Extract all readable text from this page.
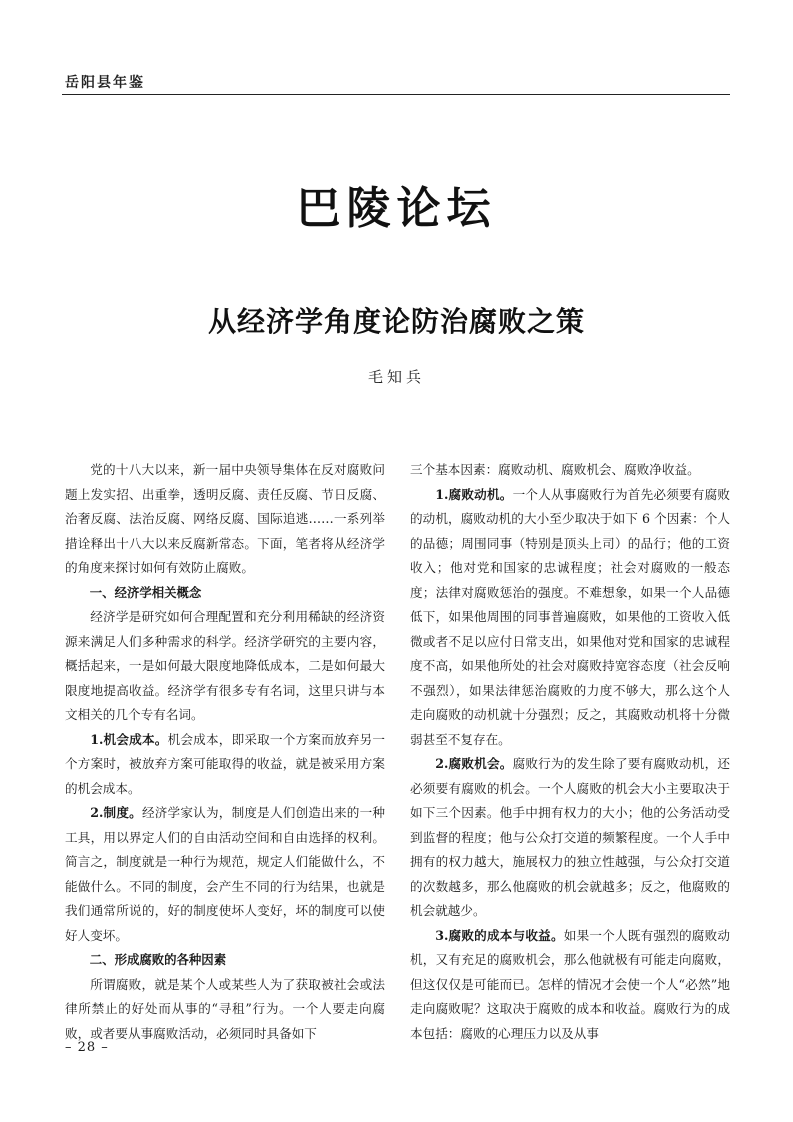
岳阳县年鉴
巴陵论坛
从经济学角度论防治腐败之策
毛知兵

党的十八大以来，新一届中央领导集体在反对腐败问题上发实招、出重拳，透明反腐、责任反腐、节日反腐、治奢反腐、法治反腐、网络反腐、国际追逃……一系列举措诠释出十八大以来反腐新常态。下面，笔者将从经济学的角度来探讨如何有效防止腐败。

一、经济学相关概念

经济学是研究如何合理配置和充分利用稀缺的经济资源来满足人们多种需求的科学。经济学研究的主要内容，概括起来，一是如何最大限度地降低成本，二是如何最大限度地提高收益。经济学有很多专有名词，这里只讲与本文相关的几个专有名词。

1.机会成本。机会成本，即采取一个方案而放弃另一个方案时，被放弃方案可能取得的收益，就是被采用方案的机会成本。

2.制度。经济学家认为，制度是人们创造出来的一种工具，用以界定人们的自由活动空间和自由选择的权利。简言之，制度就是一种行为规范，规定人们能做什么，不能做什么。不同的制度，会产生不同的行为结果，也就是我们通常所说的，好的制度使坏人变好，坏的制度可以使好人变坏。

二、形成腐败的各种因素

所谓腐败，就是某个人或某些人为了获取被社会或法律所禁止的好处而从事的“寻租”行为。一个人要走向腐败，或者要从事腐败活动，必须同时具备如下

三个基本因素：腐败动机、腐败机会、腐败净收益。

1.腐败动机。一个人从事腐败行为首先必须要有腐败的动机，腐败动机的大小至少取决于如下 6 个因素：个人的品德；周围同事（特别是顶头上司）的品行；他的工资收入；他对党和国家的忠诚程度；社会对腐败的一般态度；法律对腐败惩治的强度。不难想象，如果一个人品德低下，如果他周围的同事普遍腐败，如果他的工资收入低微或者不足以应付日常支出，如果他对党和国家的忠诚程度不高，如果他所处的社会对腐败持宽容态度（社会反响不强烈），如果法律惩治腐败的力度不够大，那么这个人走向腐败的动机就十分强烈；反之，其腐败动机将十分微弱甚至不复存在。

2.腐败机会。腐败行为的发生除了要有腐败动机，还必须要有腐败的机会。一个人腐败的机会大小主要取决于如下三个因素。他手中拥有权力的大小；他的公务活动受到监督的程度；他与公众打交道的频繁程度。一个人手中拥有的权力越大，施展权力的独立性越强，与公众打交道的次数越多，那么他腐败的机会就越多；反之，他腐败的机会就越少。

3.腐败的成本与收益。如果一个人既有强烈的腐败动机，又有充足的腐败机会，那么他就极有可能走向腐败，但这仅仅是可能而已。怎样的情况才会使一个人“必然”地走向腐败呢？这取决于腐败的成本和收益。腐败行为的成本包括：腐败的心理压力以及从事

– 28 –
